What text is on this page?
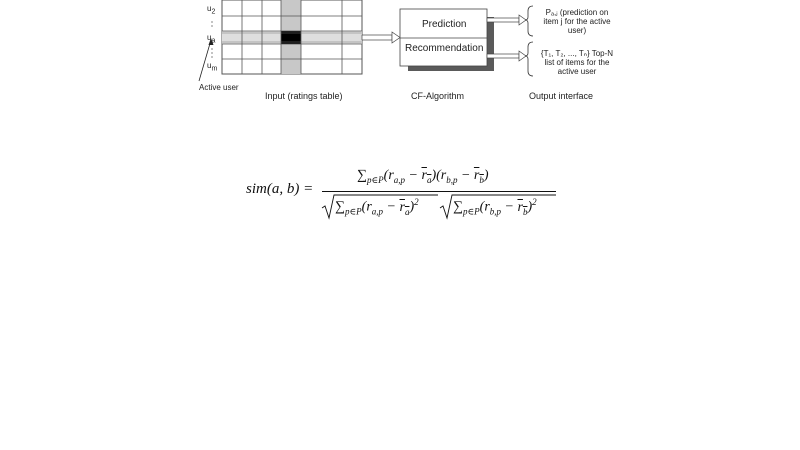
$u_2$
$u_a$
$u_m$
Active user
Prediction
Recommendation
Pₐ,ⱼ (prediction on
item j for the active
user)
{T₁, T₂, ..., Tₙ} Top-N
list of items for the
active user
Input (ratings table)	CF-Algorithm	Output interface
sim(a, b) =
$\sum_{p\in P}(r_{a,p} - r_a)(r_{b,p} - r_b)$
$\sum_{p\in P}(r_{a,p} - r_a)^2$ $\sum_{p\in P}(r_{b,p} - r_b)^2$
